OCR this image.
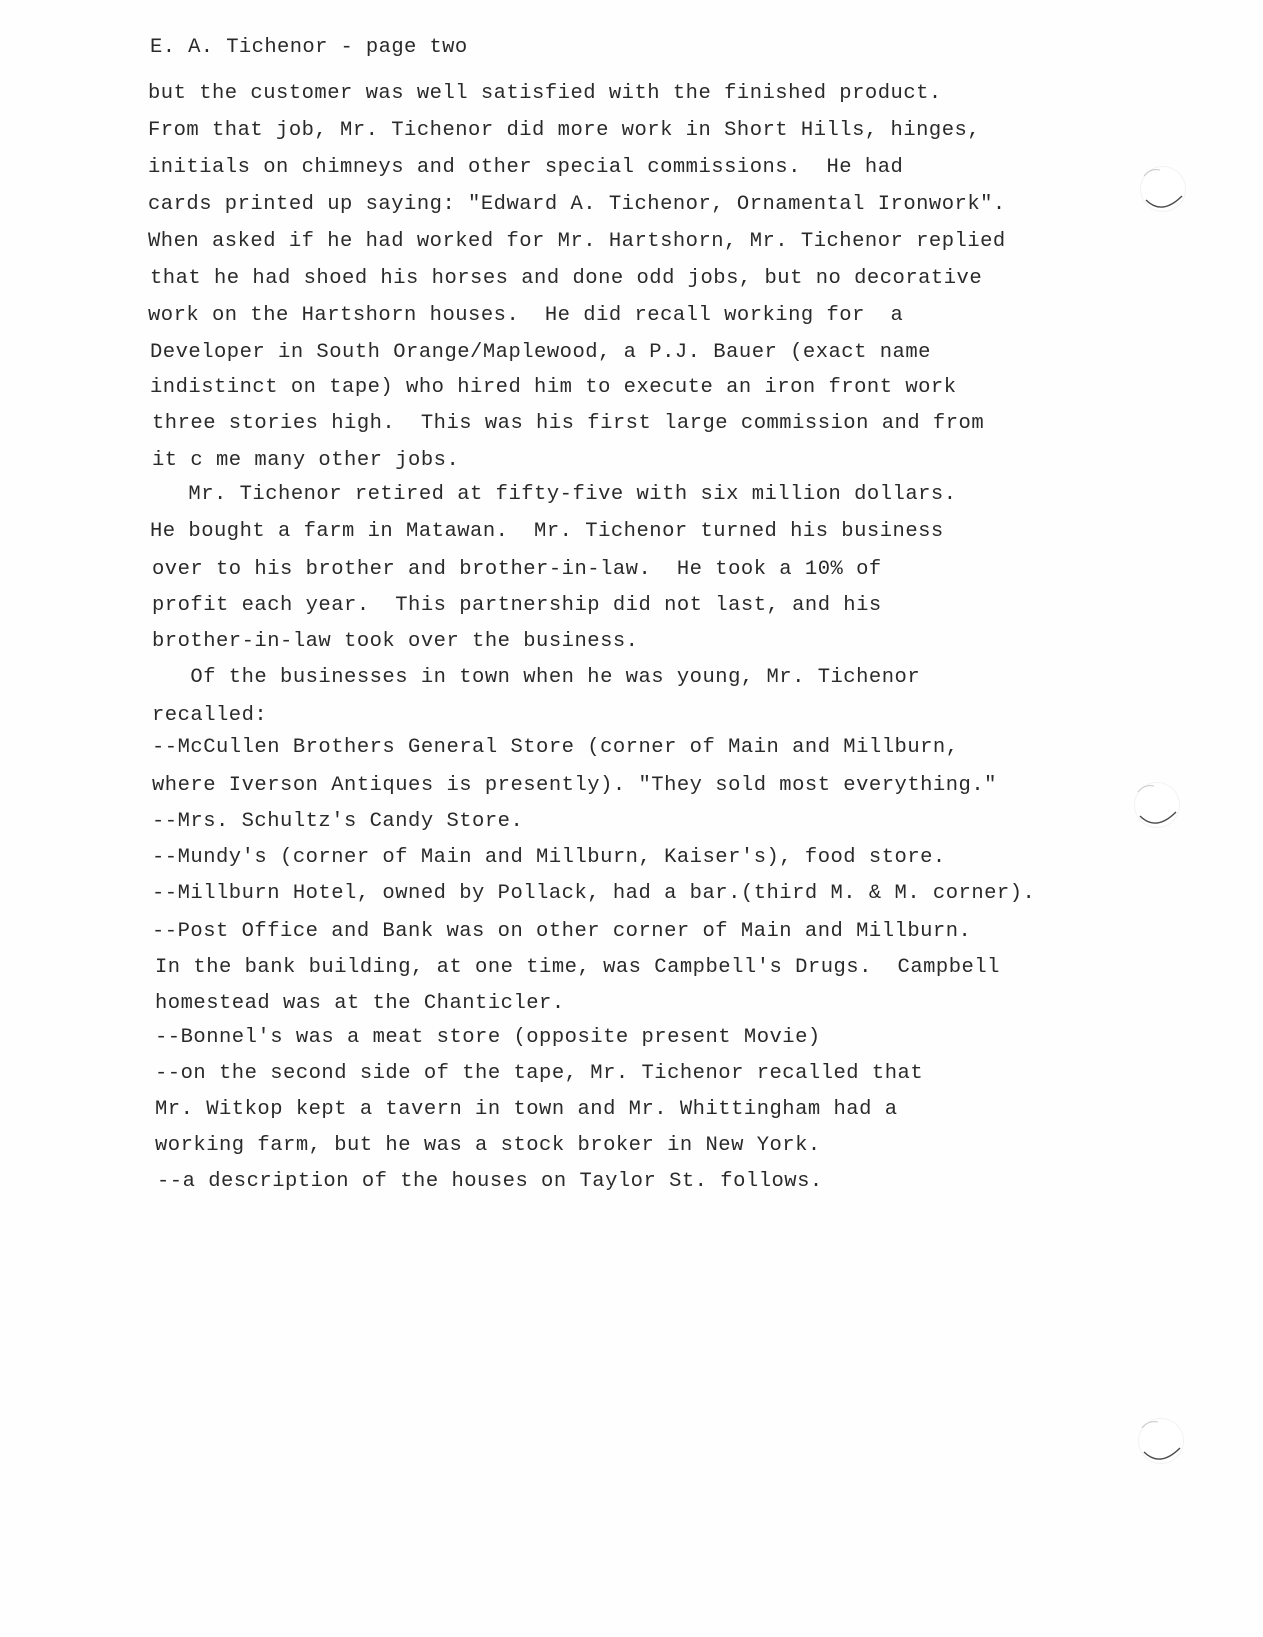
E. A. Tichenor - page two
but the customer was well satisfied with the finished product.
From that job, Mr. Tichenor did more work in Short Hills, hinges,
initials on chimneys and other special commissions.  He had
cards printed up saying: "Edward A. Tichenor, Ornamental Ironwork".
When asked if he had worked for Mr. Hartshorn, Mr. Tichenor replied
that he had shoed his horses and done odd jobs, but no decorative
work on the Hartshorn houses.  He did recall working for  a
Developer in South Orange/Maplewood, a P.J. Bauer (exact name
indistinct on tape) who hired him to execute an iron front work
three stories high.  This was his first large commission and from
it c me many other jobs.
Mr. Tichenor retired at fifty-five with six million dollars.
He bought a farm in Matawan.  Mr. Tichenor turned his business
over to his brother and brother-in-law.  He took a 10% of
profit each year.  This partnership did not last, and his
brother-in-law took over the business.
Of the businesses in town when he was young, Mr. Tichenor
recalled:
--McCullen Brothers General Store (corner of Main and Millburn,
where Iverson Antiques is presently). "They sold most everything."
--Mrs. Schultz's Candy Store.
--Mundy's (corner of Main and Millburn, Kaiser's), food store.
--Millburn Hotel, owned by Pollack, had a bar.(third M. & M. corner).
--Post Office and Bank was on other corner of Main and Millburn.
In the bank building, at one time, was Campbell's Drugs.  Campbell
homestead was at the Chanticler.
--Bonnel's was a meat store (opposite present Movie)
--on the second side of the tape, Mr. Tichenor recalled that
Mr. Witkop kept a tavern in town and Mr. Whittingham had a
working farm, but he was a stock broker in New York.
--a description of the houses on Taylor St. follows.
